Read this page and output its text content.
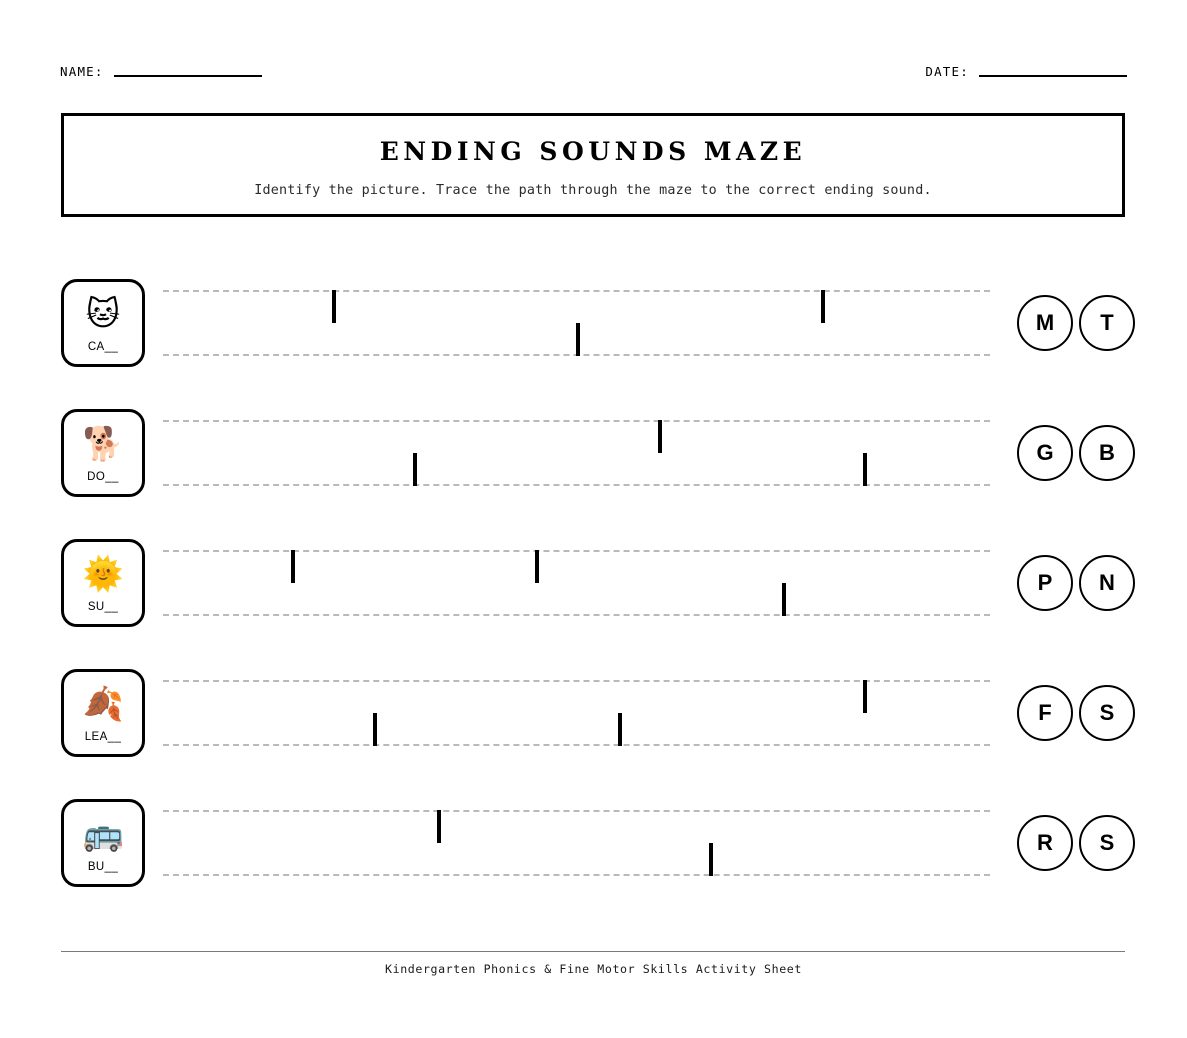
NAME:	DATE:
ENDING SOUNDS MAZE
Identify the picture. Trace the path through the maze to the correct ending sound.
🐱
CA__
M	T
🐕
DO__
G	B
🌞
SU__
P	N
🍂
LEA__
F	S
🚌
BU__
R	S
Kindergarten Phonics & Fine Motor Skills Activity Sheet
